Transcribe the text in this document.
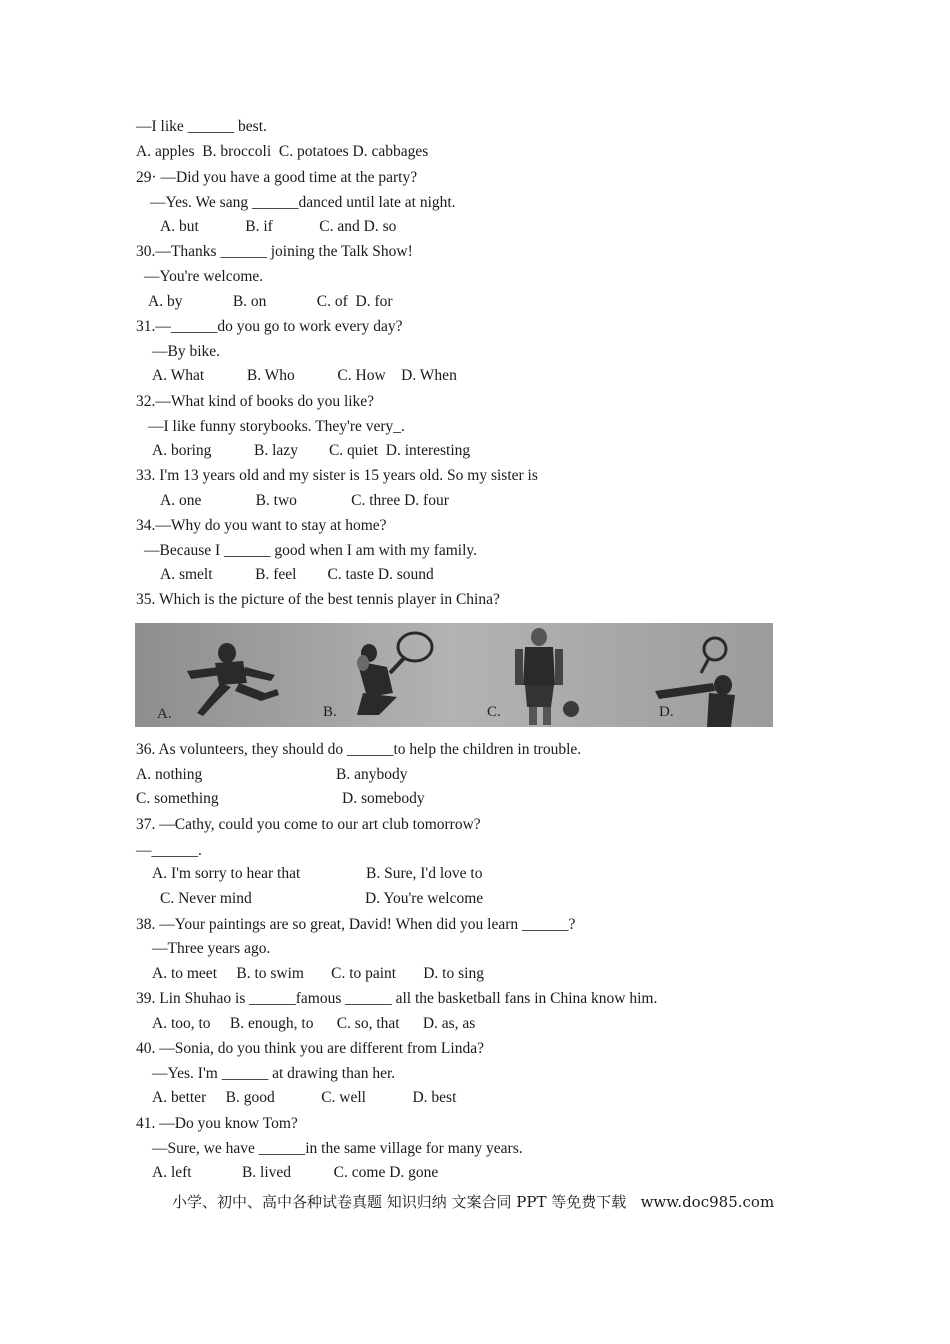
—I like ______ best.
A. apples  B. broccoli  C. potatoes D. cabbages
29· —Did you have a good time at the party?
—Yes. We sang ______danced until late at night.
A. but            B. if            C. and D. so
30.—Thanks ______ joining the Talk Show!
—You're welcome.
A. by             B. on             C. of  D. for
31.—______do you go to work every day?
—By bike.
A. What           B. Who           C. How    D. When
32.—What kind of books do you like?
—I like funny storybooks. They're very_.
A. boring           B. lazy        C. quiet  D. interesting
33. I'm 13 years old and my sister is 15 years old. So my sister is
A. one              B. two              C. three D. four
34.—Why do you want to stay at home?
—Because I ______ good when I am with my family.
A. smelt           B. feel        C. taste D. sound
35. Which is the picture of the best tennis player in China?
A.	B.	C.	D.
36. As volunteers, they should do ______to help the children in trouble.
A. nothing	B. anybody
C. something	D. somebody
37. —Cathy, could you come to our art club tomorrow?
—______.
A. I'm sorry to hear that	B. Sure, I'd love to
C. Never mind	D. You're welcome
38. —Your paintings are so great, David! When did you learn ______?
—Three years ago.
A. to meet     B. to swim       C. to paint       D. to sing
39. Lin Shuhao is ______famous ______ all the basketball fans in China know him.
A. too, to     B. enough, to      C. so, that      D. as, as
40. —Sonia, do you think you are different from Linda?
—Yes. I'm ______ at drawing than her.
A. better     B. good            C. well            D. best
41. —Do you know Tom?
—Sure, we have ______in the same village for many years.
A. left             B. lived           C. come D. gone
小学、初中、高中各种试卷真题 知识归纳 文案合同 PPT 等免费下载   www.doc985.com
